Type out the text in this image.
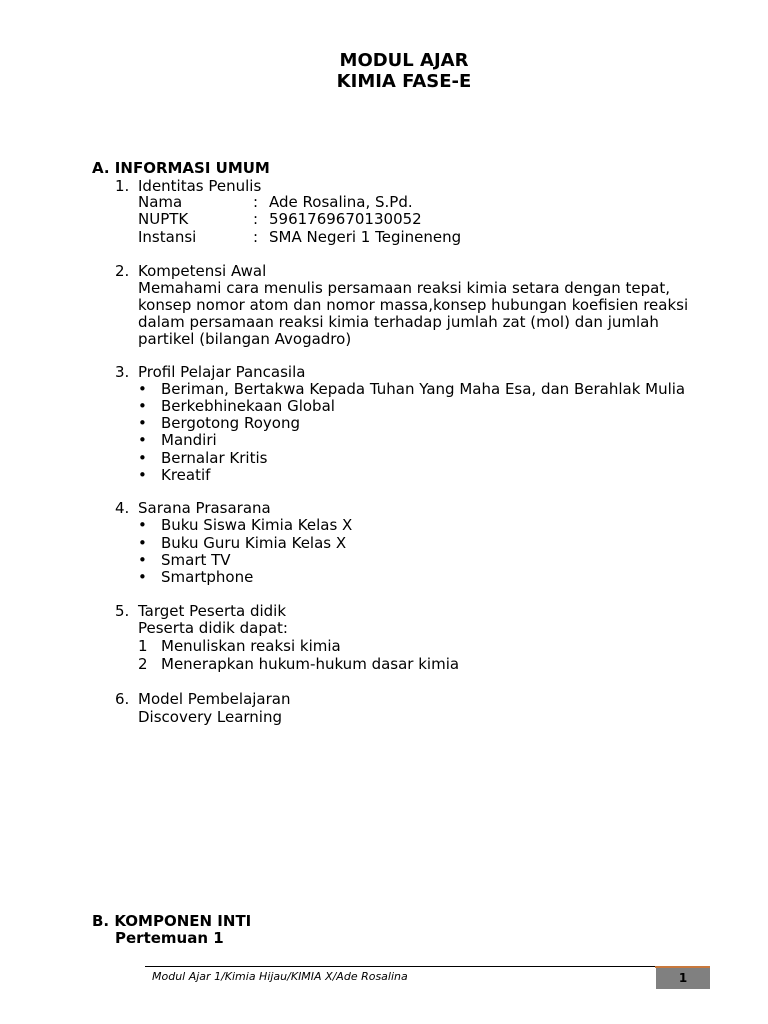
MODUL AJAR
KIMIA FASE-E
A. INFORMASI UMUM
1. Identitas Penulis
Nama	: Ade Rosalina, S.Pd.
NUPTK	: 5961769670130052
Instansi	: SMA Negeri 1 Tegineneng
2. Kompetensi Awal
Memahami cara menulis persamaan reaksi kimia setara dengan tepat,
konsep nomor atom dan nomor massa,konsep hubungan koefisien reaksi
dalam persamaan reaksi kimia terhadap jumlah zat (mol) dan jumlah
partikel (bilangan Avogadro)
3. Profil Pelajar Pancasila
• Beriman, Bertakwa Kepada Tuhan Yang Maha Esa, dan Berahlak Mulia
• Berkebhinekaan Global
• Bergotong Royong
• Mandiri
• Bernalar Kritis
• Kreatif
4. Sarana Prasarana
• Buku Siswa Kimia Kelas X
• Buku Guru Kimia Kelas X
• Smart TV
• Smartphone
5. Target Peserta didik
Peserta didik dapat:
1 Menuliskan reaksi kimia
2 Menerapkan hukum-hukum dasar kimia
6. Model Pembelajaran
Discovery Learning
B. KOMPONEN INTI
Pertemuan 1
Modul Ajar 1/Kimia Hijau/KIMIA X/Ade Rosalina	1
